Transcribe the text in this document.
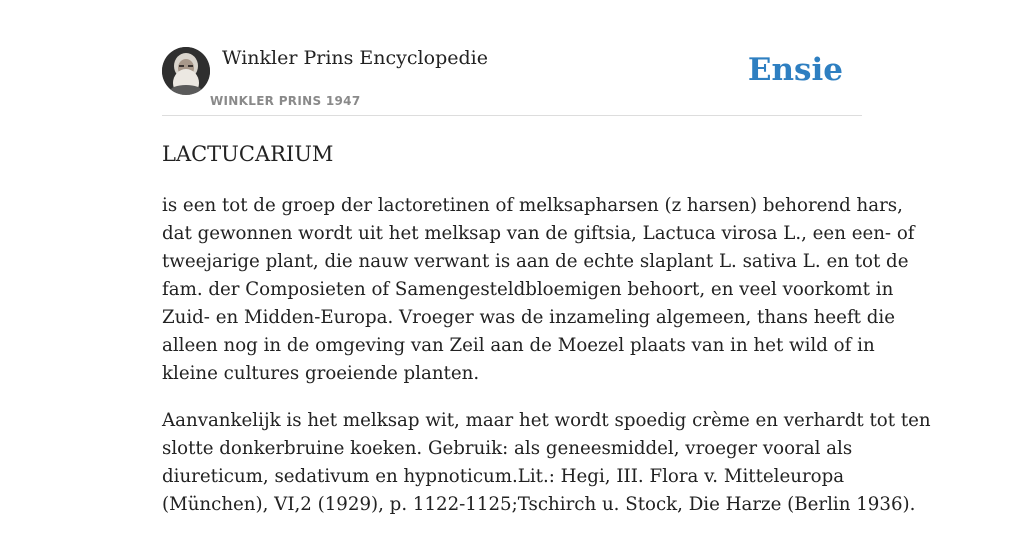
Winkler Prins Encyclopedie
WINKLER PRINS 1947
Ensie
LACTUCARIUM

is een tot de groep der lactoretinen of melksapharsen (z harsen) behorend hars,
dat gewonnen wordt uit het melksap van de giftsia, Lactuca virosa L., een een- of
tweejarige plant, die nauw verwant is aan de echte slaplant L. sativa L. en tot de
fam. der Composieten of Samengesteldbloemigen behoort, en veel voorkomt in
Zuid- en Midden-Europa. Vroeger was de inzameling algemeen, thans heeft die
alleen nog in de omgeving van Zeil aan de Moezel plaats van in het wild of in
kleine cultures groeiende planten.

Aanvankelijk is het melksap wit, maar het wordt spoedig crème en verhardt tot ten
slotte donkerbruine koeken. Gebruik: als geneesmiddel, vroeger vooral als
diureticum, sedativum en hypnoticum.Lit.: Hegi, III. Flora v. Mitteleuropa
(München), VI,2 (1929), p. 1122-1125;Tschirch u. Stock, Die Harze (Berlin 1936).
